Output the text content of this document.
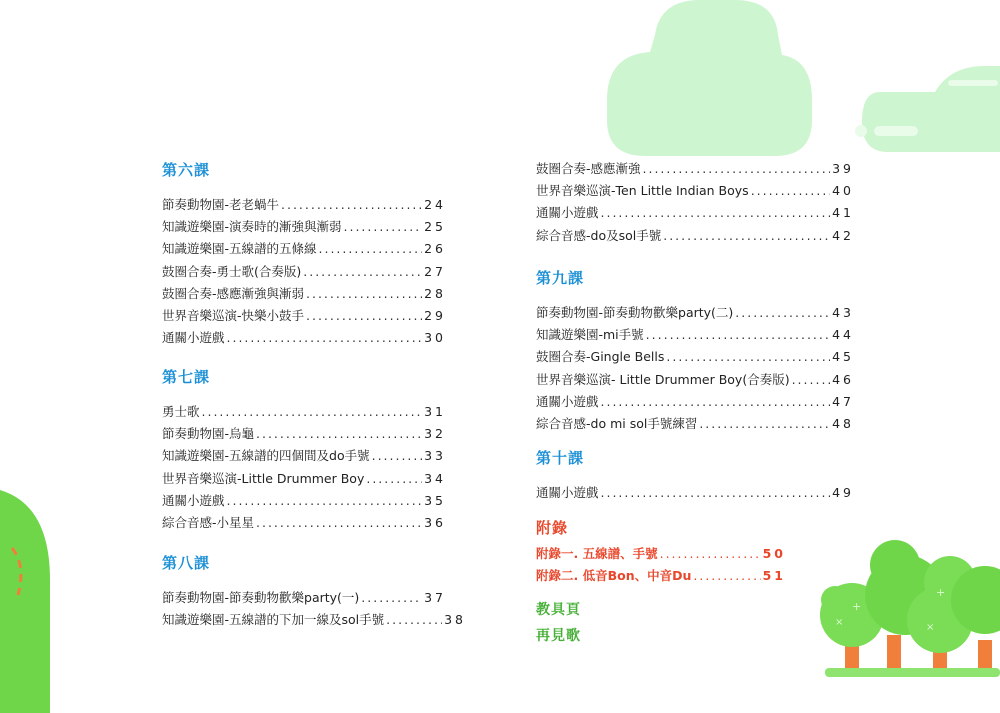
+
×
+
×
第六課
節奏動物園-老老蝸牛 .....	24
知識遊樂園-演奏時的漸強與漸弱 .....	25
知識遊樂園-五線譜的五條線 .....	26
鼓圈合奏-勇士歌(合奏版) .....	27
鼓圈合奏-感應漸強與漸弱 .....	28
世界音樂巡演-快樂小鼓手 .....	29
通關小遊戲 .....	30
第七課
勇士歌 .....	31
節奏動物園-烏龜 .....	32
知識遊樂園-五線譜的四個間及do手號 .....	33
世界音樂巡演-Little Drummer Boy .....	34
通關小遊戲 .....	35
綜合音感-小星星 .....	36
第八課
節奏動物園-節奏動物歡樂party(一) .....	37
知識遊樂園-五線譜的下加一線及sol手號 .....	38
鼓圈合奏-感應漸強 .....	39
世界音樂巡演-Ten Little Indian Boys .....	40
通關小遊戲 .....	41
綜合音感-do及sol手號 .....	42
第九課
節奏動物園-節奏動物歡樂party(二) .....	43
知識遊樂園-mi手號 .....	44
鼓圈合奏-Gingle Bells .....	45
世界音樂巡演- Little Drummer Boy(合奏版) .....	46
通關小遊戲 .....	47
綜合音感-do mi sol手號練習 .....	48
第十課
通關小遊戲 .....	49
附錄
附錄一. 五線譜、手號 .....	50
附錄二. 低音Bon、中音Du .....	51
教具頁
再見歌
